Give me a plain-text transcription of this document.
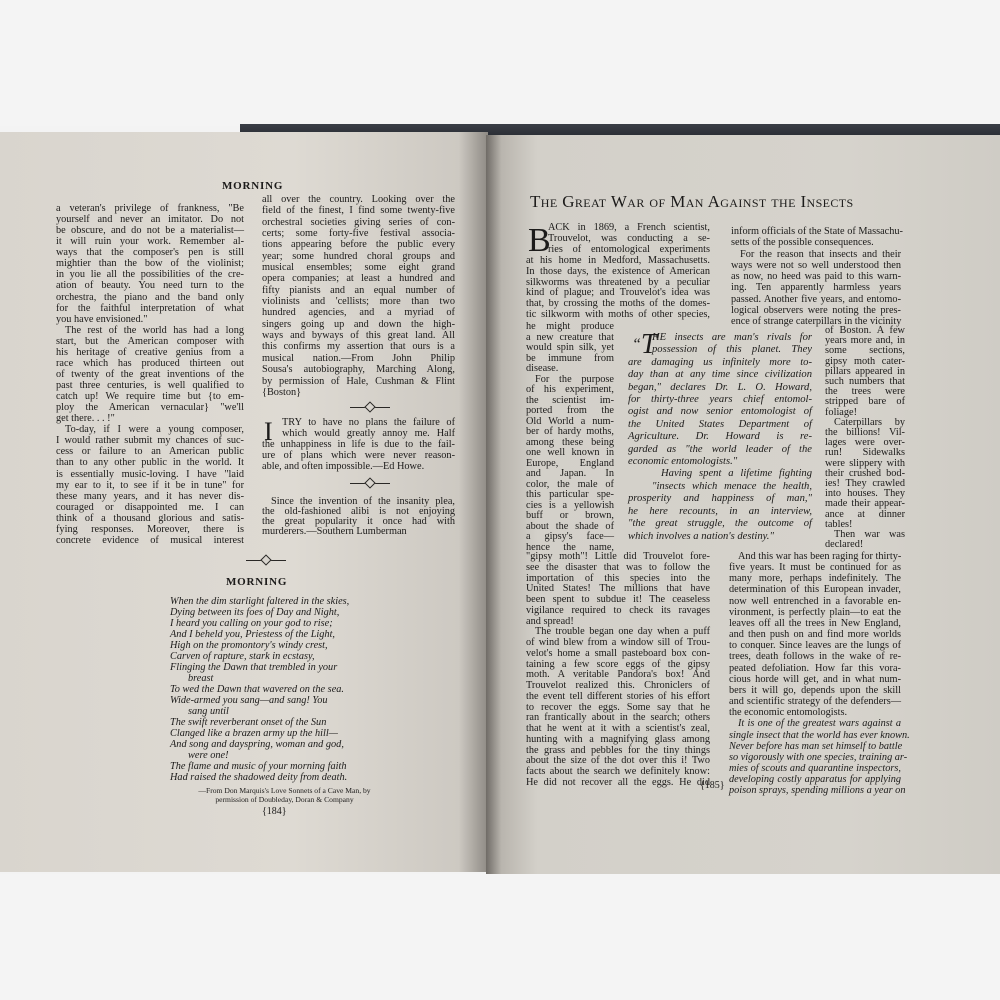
MORNING
a veteran's privilege of frankness, "Be
yourself and never an imitator. Do not
be obscure, and do not be a materialist—
it will ruin your work. Remember al-
ways that the composer's pen is still
mightier than the bow of the violinist;
in you lie all the possibilities of the cre-
ation of beauty. You need turn to the
orchestra, the piano and the band only
for the faithful interpretation of what
you have envisioned."
The rest of the world has had a long
start, but the American composer with
his heritage of creative genius from a
race which has produced thirteen out
of twenty of the great inventions of the
past three centuries, is well qualified to
catch up! We require time but {to em-
ploy the American vernacular} "we'll
get there. . . !"
To-day, if I were a young composer,
I would rather submit my chances of suc-
cess or failure to an American public
than to any other public in the world. It
is essentially music-loving. I have "laid
my ear to it, to see if it be in tune" for
these many years, and it has never dis-
couraged or disappointed me. I can
think of a thousand glorious and satis-
fying responses. Moreover, there is
concrete evidence of musical interest
all over the country. Looking over the
field of the finest, I find some twenty-five
orchestral societies giving series of con-
certs; some forty-five festival associa-
tions appearing before the public every
year; some hundred choral groups and
musical ensembles; some eight grand
opera companies; at least a hundred and
fifty pianists and an equal number of
violinists and 'cellists; more than two
hundred agencies, and a myriad of
singers going up and down the high-
ways and byways of this great land. All
this confirms my assertion that ours is a
musical nation.—From John Philip
Sousa's autobiography, Marching Along,
by permission of Hale, Cushman & Flint
{Boston}
I TRY to have no plans the failure of
which would greatly annoy me. Half
the unhappiness in life is due to the fail-
ure of plans which were never reason-
able, and often impossible.—Ed Howe.
Since the invention of the insanity plea,
the old-fashioned alibi is not enjoying
the great popularity it once had with
murderers.—Southern Lumberman
MORNING
When the dim starlight faltered in the skies,
Dying between its foes of Day and Night,
I heard you calling on your god to rise;
And I beheld you, Priestess of the Light,
High on the promontory's windy crest,
Carven of rapture, stark in ecstasy,
Flinging the Dawn that trembled in your
breast
To wed the Dawn that wavered on the sea.
Wide-armed you sang—and sang! You
sang until
The swift reverberant onset of the Sun
Clanged like a brazen army up the hill—
And song and dayspring, woman and god,
were one!
The flame and music of your morning faith
Had raised the shadowed deity from death.
—From Don Marquis's Love Sonnets of a Cave Man, by
permission of Doubleday, Doran & Company
{184}
The Great War of Man Against the Insects
B
ACK in 1869, a French scientist,
Trouvelot, was conducting a se-
ries of entomological experiments
at his home in Medford, Massachusetts.
In those days, the existence of American
silkworms was threatened by a peculiar
kind of plague; and Trouvelot's idea was
that, by crossing the moths of the domes-
tic silkworm with moths of other species,
he might produce
a new creature that
would spin silk, yet
be immune from
disease.
For the purpose
of his experiment,
the scientist im-
ported from the
Old World a num-
ber of hardy moths,
among these being
one well known in
Europe, England
and Japan. In
color, the male of
this particular spe-
cies is a yellowish
buff or brown,
about the shade of
a gipsy's face—
hence the name,
"gipsy moth"! Little did Trouvelot fore-
see the disaster that was to follow the
importation of this species into the
United States! The millions that have
been spent to subdue it! The ceaseless
vigilance required to check its ravages
and spread!
The trouble began one day when a puff
of wind blew from a window sill of Trou-
velot's home a small pasteboard box con-
taining a few score eggs of the gipsy
moth. A veritable Pandora's box! And
Trouvelot realized this. Chroniclers of
the event tell different stories of his effort
to recover the eggs. Some say that he
ran frantically about in the search; others
that he went at it with a scientist's zeal,
hunting with a magnifying glass among
the grass and pebbles for the tiny things
about the size of the dot over this i! Two
facts about the search we definitely know:
He did not recover all the eggs. He did
“T
HE insects are man's rivals for
possession of this planet. They
are damaging us infinitely more to-
day than at any time since civilization
began," declares Dr. L. O. Howard,
for thirty-three years chief entomol-
ogist and now senior entomologist of
the United States Department of
Agriculture. Dr. Howard is re-
garded as "the world leader of the
economic entomologists."
Having spent a lifetime fighting
"insects which menace the health,
prosperity and happiness of man,"
he here recounts, in an interview,
"the great struggle, the outcome of
which involves a nation's destiny."
inform officials of the State of Massachu-
setts of the possible consequences.
For the reason that insects and their
ways were not so well understood then
as now, no heed was paid to this warn-
ing. Ten apparently harmless years
passed. Another five years, and entomo-
logical observers were noting the pres-
ence of strange caterpillars in the vicinity
of Boston. A few
years more and, in
some sections,
gipsy moth cater-
pillars appeared in
such numbers that
the trees were
stripped bare of
foliage!
Caterpillars by
the billions! Vil-
lages were over-
run! Sidewalks
were slippery with
their crushed bod-
ies! They crawled
into houses. They
made their appear-
ance at dinner
tables!
Then war was
declared!
And this war has been raging for thirty-
five years. It must be continued for as
many more, perhaps indefinitely. The
determination of this European invader,
now well entrenched in a favorable en-
vironment, is perfectly plain—to eat the
leaves off all the trees in New England,
and then push on and find more worlds
to conquer. Since leaves are the lungs of
trees, death follows in the wake of re-
peated defoliation. How far this vora-
cious horde will get, and in what num-
bers it will go, depends upon the skill
and scientific strategy of the defenders—
the economic entomologists.
It is one of the greatest wars against a
single insect that the world has ever known.
Never before has man set himself to battle
so vigorously with one species, training ar-
mies of scouts and quarantine inspectors,
developing costly apparatus for applying
poison sprays, spending millions a year on
{185}
